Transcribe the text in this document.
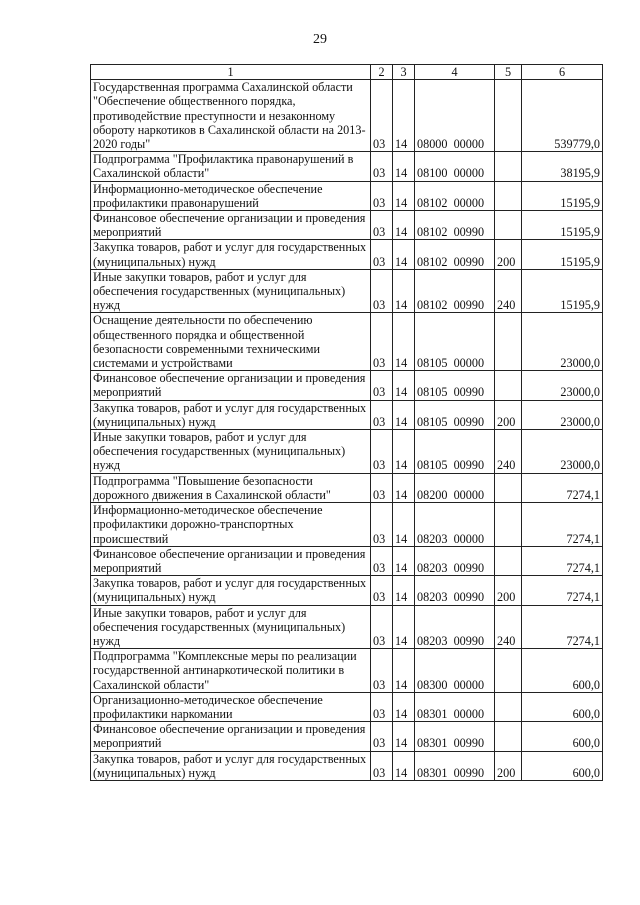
29
1	2	3	4	5	6
Государственная программа Сахалинской области "Обеспечение общественного порядка, противодействие преступности и незаконному обороту наркотиков в Сахалинской области на 2013-2020 годы"	03	14	08000  00000		539779,0
Подпрограмма "Профилактика правонарушений в Сахалинской области"	03	14	08100  00000		38195,9
Информационно-методическое обеспечение профилактики правонарушений	03	14	08102  00000		15195,9
Финансовое обеспечение организации и проведения мероприятий	03	14	08102  00990		15195,9
Закупка товаров, работ и услуг для государственных (муниципальных) нужд	03	14	08102  00990	200	15195,9
Иные закупки товаров, работ и услуг для обеспечения государственных (муниципальных) нужд	03	14	08102  00990	240	15195,9
Оснащение деятельности по обеспечению общественного порядка и общественной безопасности современными техническими системами и устройствами	03	14	08105  00000		23000,0
Финансовое обеспечение организации и проведения мероприятий	03	14	08105  00990		23000,0
Закупка товаров, работ и услуг для государственных (муниципальных) нужд	03	14	08105  00990	200	23000,0
Иные закупки товаров, работ и услуг для обеспечения государственных (муниципальных) нужд	03	14	08105  00990	240	23000,0
Подпрограмма "Повышение безопасности дорожного движения в Сахалинской области"	03	14	08200  00000		7274,1
Информационно-методическое обеспечение профилактики дорожно-транспортных происшествий	03	14	08203  00000		7274,1
Финансовое обеспечение организации и проведения мероприятий	03	14	08203  00990		7274,1
Закупка товаров, работ и услуг для государственных (муниципальных) нужд	03	14	08203  00990	200	7274,1
Иные закупки товаров, работ и услуг для обеспечения государственных (муниципальных) нужд	03	14	08203  00990	240	7274,1
Подпрограмма "Комплексные меры по реализации государственной антинаркотической политики в Сахалинской области"	03	14	08300  00000		600,0
Организационно-методическое обеспечение профилактики наркомании	03	14	08301  00000		600,0
Финансовое обеспечение организации и проведения мероприятий	03	14	08301  00990		600,0
Закупка товаров, работ и услуг для государственных (муниципальных) нужд	03	14	08301  00990	200	600,0
